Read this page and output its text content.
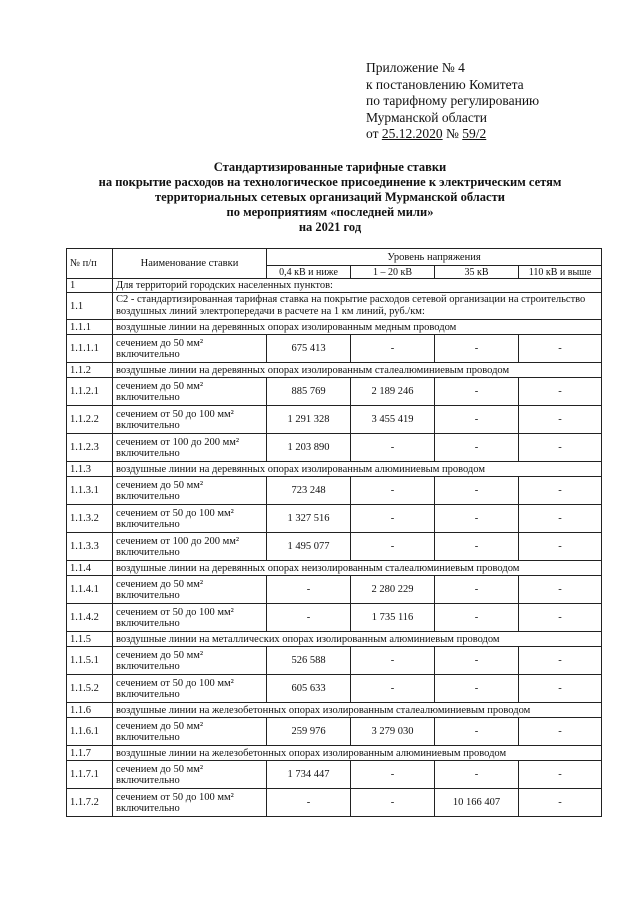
Приложение № 4
к постановлению Комитета
по тарифному регулированию
Мурманской области
от 25.12.2020 № 59/2
Стандартизированные тарифные ставки
на покрытие расходов на технологическое присоединение к электрическим сетям
территориальных сетевых организаций Мурманской области
по мероприятиям «последней мили»
на 2021 год
№ п/п	Наименование ставки	Уровень напряжения			
		0,4 кВ и ниже	1 – 20 кВ	35 кВ	110 кВ и выше
1	Для территорий городских населенных пунктов:				
1.1	С2 - стандартизированная тарифная ставка на покрытие расходов сетевой организации на строительство воздушных линий электропередачи в расчете на 1 км линий, руб./км:				
1.1.1	воздушные линии на деревянных опорах изолированным медным проводом				
1.1.1.1	сечением до 50 мм² включительно	675 413	-	-	-
1.1.2	воздушные линии на деревянных опорах изолированным сталеалюминиевым проводом				
1.1.2.1	сечением до 50 мм² включительно	885 769	2 189 246	-	-
1.1.2.2	сечением от 50 до 100 мм² включительно	1 291 328	3 455 419	-	-
1.1.2.3	сечением от 100 до 200 мм² включительно	1 203 890	-	-	-
1.1.3	воздушные линии на деревянных опорах изолированным алюминиевым проводом				
1.1.3.1	сечением до 50 мм² включительно	723 248	-	-	-
1.1.3.2	сечением от 50 до 100 мм² включительно	1 327 516	-	-	-
1.1.3.3	сечением от 100 до 200 мм² включительно	1 495 077	-	-	-
1.1.4	воздушные линии на деревянных опорах неизолированным сталеалюминиевым проводом				
1.1.4.1	сечением до 50 мм² включительно	-	2 280 229	-	-
1.1.4.2	сечением от 50 до 100 мм² включительно	-	1 735 116	-	-
1.1.5	воздушные линии на металлических опорах изолированным алюминиевым проводом				
1.1.5.1	сечением до 50 мм² включительно	526 588	-	-	-
1.1.5.2	сечением от 50 до 100 мм² включительно	605 633	-	-	-
1.1.6	воздушные линии на железобетонных опорах изолированным сталеалюминиевым проводом				
1.1.6.1	сечением до 50 мм² включительно	259 976	3 279 030	-	-
1.1.7	воздушные линии на железобетонных опорах изолированным алюминиевым проводом				
1.1.7.1	сечением до 50 мм² включительно	1 734 447	-	-	-
1.1.7.2	сечением от 50 до 100 мм² включительно	-	-	10 166 407	-
